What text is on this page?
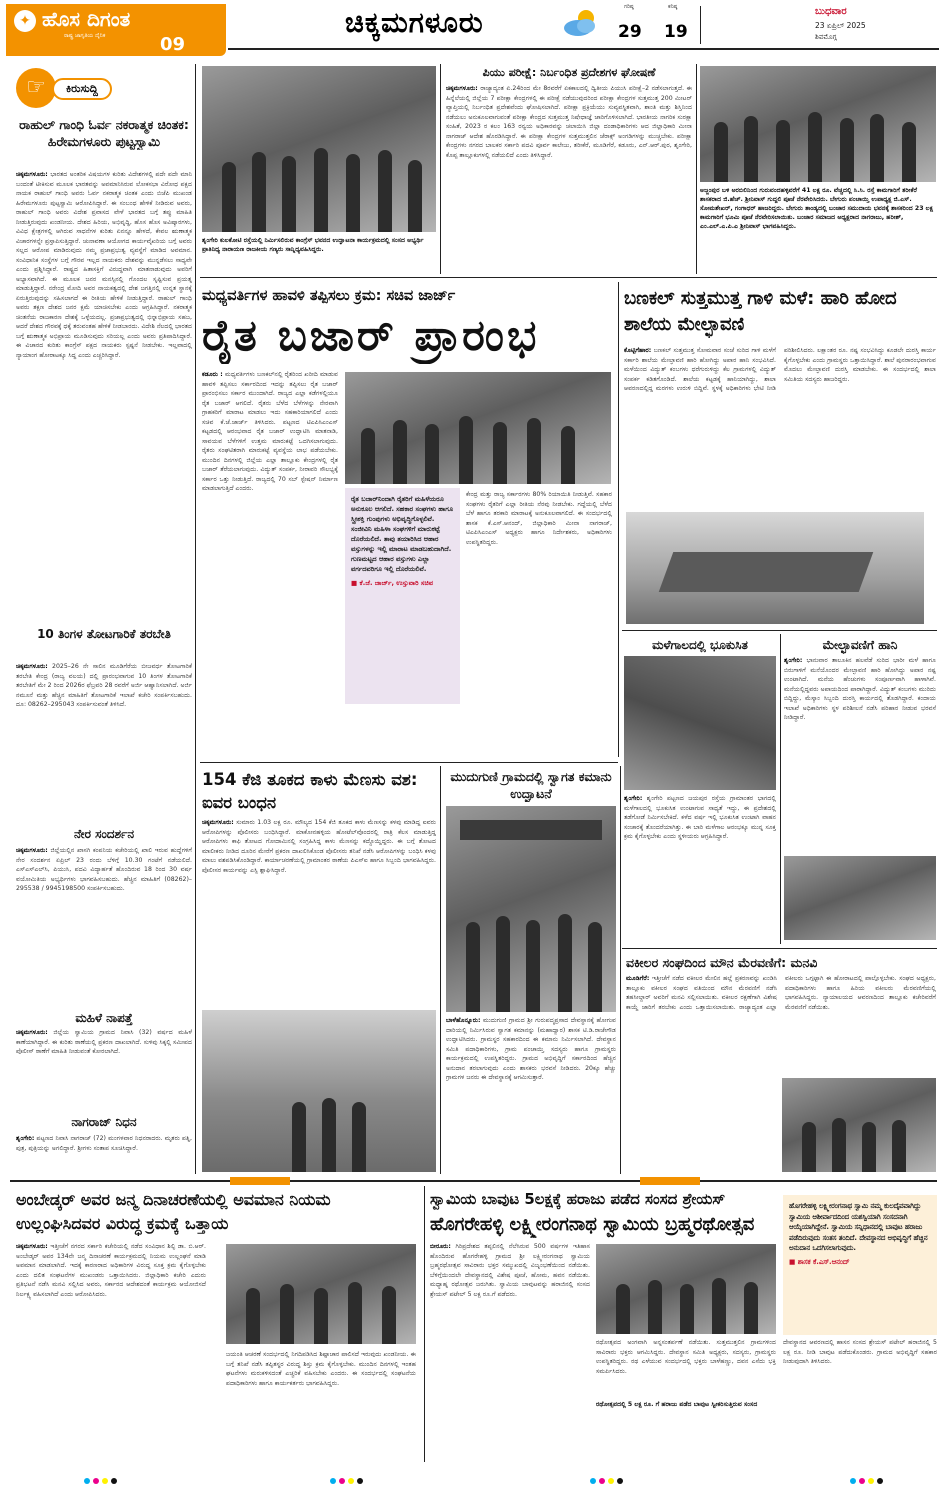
✦ ಹೊಸ ದಿಗಂತ
ರಾಷ್ಟ್ರ ಜಾಗೃತಿಯ ದೈನಿಕ	09
ಚಿಕ್ಕಮಗಳೂರು	ಗರಿಷ್ಠ
29
ಕನಿಷ್ಠ
19
ಬುಧವಾರ
23 ಏಪ್ರಿಲ್ 2025
ಶಿವಮೊಗ್ಗ
☞	ಕಿರುಸುದ್ದಿ
ರಾಹುಲ್ ಗಾಂಧಿ ಓರ್ವ ನಕರಾತ್ಮಕ ಚಿಂತಕ: ಹಿರೇಮಗಳೂರು ಪುಟ್ಟಸ್ವಾಮಿ
ಚಿಕ್ಕಮಗಳೂರು: ಭಾರತದ ಅಂತರಿಕ ವಿಷಯಗಳ ಕುರಿತು ವಿದೇಶಗಳಲ್ಲಿ ಪದೇ ಪದೇ ಮಾನಿ ಬಂದಂತೆ ಟೀಕಿಸುವ ಮೂಲಕ ಭಾರತವನ್ನು ಅವಮಾನಿಸಿರುವ ಲೋಕಸಭಾ ವಿರೋಧ ಪಕ್ಷದ ನಾಯಕ ರಾಹುಲ್ ಗಾಂಧಿ ಅವರು ಓರ್ವ ನಕರಾತ್ಮಕ ಚಿಂತಕ ಎಂದು ಬಿಜೆಪಿ ಮುಖಂಡ ಹಿರೇಮಗಳೂರು ಪುಟ್ಟಸ್ವಾಮಿ ಆರೋಪಿಸಿದ್ದಾರೆ. ಈ ಸಂಬಂಧ ಹೇಳಿಕೆ ನೀಡಿರುವ ಅವರು, ರಾಹುಲ್ ಗಾಂಧಿ ಅವರು ವಿದೇಶ ಪ್ರವಾಸದ ವೇಳೆ ಭಾರತದ ಬಗ್ಗೆ ತಪ್ಪು ಮಾಹಿತಿ ನೀಡುತ್ತಿರುವುದು ಖಂಡನೀಯ. ದೇಶದ ಹಿರಿಯ, ಅಭಿವೃದ್ಧಿ, ಹೊಸ ಹೊಸ ಅವಿಷ್ಕಾರಗಳು, ವಿವಿಧ ಕ್ಷೇತ್ರಗಳಲ್ಲಿ ಆಗಿರುವ ಸಾಧನೆಗಳ ಕುರಿತು ಏನನ್ನೂ ಹೇಳದೆ, ಕೇವಲ ಋಣಾತ್ಮಕ ವಿಚಾರಗಳನ್ನೇ ಪ್ರಸ್ತಾಪಿಸುತ್ತಿದ್ದಾರೆ. ಚುನಾವಣಾ ಆಯೋಗದ ಕಾರ್ಯವೈಖರಿಯ ಬಗ್ಗೆ ಅವರು ಸಲ್ಲದ ಆರೋಪ ಮಾಡಿರುವುದು ನಮ್ಮ ಪ್ರಜಾಪ್ರಭುತ್ವ ವ್ಯವಸ್ಥೆಗೆ ಮಾಡಿದ ಅವಮಾನ. ಸಂವಿಧಾನಿಕ ಸಂಸ್ಥೆಗಳ ಬಗ್ಗೆ ಗೌರವ ಇಲ್ಲದ ನಾಯಕರು ದೇಶವನ್ನು ಮುನ್ನಡೆಸಲು ಸಾಧ್ಯವೇ ಎಂದು ಪ್ರಶ್ನಿಸಿದ್ದಾರೆ. ರಾಷ್ಟ್ರದ ಹಿತಾಸಕ್ತಿಗೆ ವಿರುದ್ಧವಾಗಿ ಮಾತನಾಡುವುದು ಅವರಿಗೆ ಅಭ್ಯಾಸವಾಗಿದೆ. ಈ ಮೂಲಕ ಜನರ ಮನಸ್ಸಿನಲ್ಲಿ ಗೊಂದಲ ಸೃಷ್ಟಿಸುವ ಪ್ರಯತ್ನ ಮಾಡುತ್ತಿದ್ದಾರೆ. ನರೇಂದ್ರ ಮೋದಿ ಅವರ ನಾಯಕತ್ವದಲ್ಲಿ ದೇಶ ಜಗತ್ತಿನಲ್ಲಿ ಉನ್ನತ ಸ್ಥಾನಕ್ಕೆ ಏರುತ್ತಿರುವುದನ್ನು ಸಹಿಸಲಾಗದೆ ಈ ರೀತಿಯ ಹೇಳಿಕೆ ನೀಡುತ್ತಿದ್ದಾರೆ. ರಾಹುಲ್ ಗಾಂಧಿ ಅವರು ತಕ್ಷಣ ದೇಶದ ಜನರ ಕ್ಷಮೆ ಯಾಚಿಸಬೇಕು ಎಂದು ಆಗ್ರಹಿಸಿದ್ದಾರೆ. ನಕರಾತ್ಮಕ ಚಿಂತನೆಯ ರಾಜಕಾರಣ ದೇಶಕ್ಕೆ ಒಳ್ಳೆಯದಲ್ಲ. ಪ್ರಜಾಪ್ರಭುತ್ವದಲ್ಲಿ ಭಿನ್ನಾಭಿಪ್ರಾಯ ಸಹಜ, ಆದರೆ ದೇಶದ ಗೌರವಕ್ಕೆ ಧಕ್ಕೆ ತರುವಂತಹ ಹೇಳಿಕೆ ನೀಡಬಾರದು. ವಿದೇಶಿ ನೆಲದಲ್ಲಿ ಭಾರತದ ಬಗ್ಗೆ ಋಣಾತ್ಮಕ ಅಭಿಪ್ರಾಯ ಮೂಡಿಸುವುದು ಸರಿಯಲ್ಲ ಎಂದು ಅವರು ಪ್ರತಿಪಾದಿಸಿದ್ದಾರೆ. ಈ ವಿಚಾರದ ಕುರಿತು ಕಾಂಗ್ರೆಸ್ ಪಕ್ಷದ ನಾಯಕರು ಸ್ಪಷ್ಟನೆ ನೀಡಬೇಕು. ಇಲ್ಲವಾದಲ್ಲಿ ನ್ಯಾಯಾಂಗ ಹೋರಾಟಕ್ಕೂ ಸಿದ್ಧ ಎಂದು ಎಚ್ಚರಿಸಿದ್ದಾರೆ.
10 ತಿಂಗಳ ತೋಟಗಾರಿಕೆ ತರಬೇತಿ
ಚಿಕ್ಕಮಗಳೂರು: 2025–26 ನೇ ಸಾಲಿನ ಮೂಡಿಗೆರೆಯ ಬೀಜವರ್ಧ ತೋಟಗಾರಿಕೆ ತರಬೇತಿ ಕೇಂದ್ರ (ರಾಜ್ಯ ವಲಯ) ದಲ್ಲಿ ಪ್ರಾರಂಭವಾಗುವ 10 ತಿಂಗಳ ತೋಟಗಾರಿಕೆ ತರಬೇತಿಗೆ ಮೇ 2 ರಿಂದ 2026ರ ಫೆಬ್ರವರಿ 28 ರವರೆಗೆ ಅರ್ಜಿ ಆಹ್ವಾನಿಸಲಾಗಿದೆ. ಅರ್ಜಿ ನಮೂನೆ ಮತ್ತು ಹೆಚ್ಚಿನ ಮಾಹಿತಿಗೆ ತೋಟಗಾರಿಕೆ ಇಲಾಖೆ ಕಚೇರಿ ಸಂಪರ್ಕಿಸಬಹುದು. ದೂ: 08262–295043 ಸಂಪರ್ಕಿಸುವಂತೆ ತಿಳಿಸಿದೆ.
ನೇರ ಸಂದರ್ಶನ
ಚಿಕ್ಕಮಗಳೂರು: ಜಿಲ್ಲೆಯಲ್ಲಿನ ಖಾಸಗಿ ಕಂಪನಿಯ ಕಚೇರಿಯಲ್ಲಿ ಖಾಲಿ ಇರುವ ಹುದ್ದೆಗಳಿಗೆ ನೇರ ಸಂದರ್ಶನ ಏಪ್ರಿಲ್ 23 ರಂದು ಬೆಳಿಗ್ಗೆ 10.30 ಗಂಟೆಗೆ ನಡೆಯಲಿದೆ. ಎಸ್ಎಸ್ಎಲ್‌ಸಿ, ಪಿಯುಸಿ, ಪದವಿ ವಿದ್ಯಾರ್ಹತೆ ಹೊಂದಿರುವ 18 ರಿಂದ 30 ವರ್ಷ ವಯೋಮಿತಿಯ ಅಭ್ಯರ್ಥಿಗಳು ಭಾಗವಹಿಸಬಹುದು. ಹೆಚ್ಚಿನ ಮಾಹಿತಿಗೆ (08262)–295538 / 9945198500 ಸಂಪರ್ಕಿಸಬಹುದು.
ಮಹಿಳೆ ನಾಪತ್ತೆ
ಚಿಕ್ಕಮಗಳೂರು: ಜಿಲ್ಲೆಯ ಸ್ವಾಮಿಯ ಗ್ರಾಮದ ನಿವಾಸಿ (32) ವರ್ಷದ ಮಹಿಳೆ ಕಾಣೆಯಾಗಿದ್ದಾರೆ. ಈ ಕುರಿತು ಠಾಣೆಯಲ್ಲಿ ಪ್ರಕರಣ ದಾಖಲಾಗಿದೆ. ಸುಳಿವು ಸಿಕ್ಕಲ್ಲಿ ಸಮೀಪದ ಪೊಲೀಸ್ ಠಾಣೆಗೆ ಮಾಹಿತಿ ನೀಡುವಂತೆ ಕೋರಲಾಗಿದೆ.
ನಾಗರಾಜ್ ನಿಧನ
ಶೃಂಗೇರಿ: ಪಟ್ಟಣದ ನಿವಾಸಿ ನಾಗರಾಜ್ (72) ಮಂಗಳವಾರ ನಿಧನರಾದರು. ಮೃತರು ಪತ್ನಿ, ಪುತ್ರ, ಪುತ್ರಿಯನ್ನು ಅಗಲಿದ್ದಾರೆ. ಶ್ರೀಗಳು ಸಂತಾಪ ಸೂಚಿಸಿದ್ದಾರೆ.
ಶೃಂಗೇರಿ ಕುಲಕೋಟಿ ರಸ್ತೆಯಲ್ಲಿ ನಿರ್ಮಿಸಲಿರುವ ಕಾಂಗ್ರೆಸ್ ಭವನದ ಉದ್ಘಾಟನಾ ಕಾರ್ಯಕ್ರಮದಲ್ಲಿ ಸಂಸದ ಅಭ್ಯರ್ಥಿ ಪ್ರಾತಿನಿಧ್ಯ ನಾರಾಯಣ ರಾಜಕೀಯ ಗಣ್ಯರು ಸಾನ್ನಿಧ್ಯವಹಿಸಿದ್ದರು.
ಪಿಯು ಪರೀಕ್ಷೆ: ನಿರ್ಬಂಧಿತ ಪ್ರದೇಶಗಳ ಘೋಷಣೆ
ಚಿಕ್ಕಮಗಳೂರು: ರಾಜ್ಯಾದ್ಯಂತ ಏ.24ರಿಂದ ಮೇ 8ರವರೆಗೆ ಏಕಕಾಲದಲ್ಲಿ ದ್ವಿತೀಯ ಪಿಯುಸಿ ಪರೀಕ್ಷೆ–2 ನಡೆಸಲಾಗುತ್ತದೆ. ಈ ಹಿನ್ನೆಲೆಯಲ್ಲಿ ಜಿಲ್ಲೆಯ 7 ಪರೀಕ್ಷಾ ಕೇಂದ್ರಗಳಲ್ಲಿ ಈ ಪರೀಕ್ಷೆ ನಡೆಯುವುದರಿಂದ ಪರೀಕ್ಷಾ ಕೇಂದ್ರಗಳ ಸುತ್ತಮುತ್ತ 200 ಮೀಟರ್ ವ್ಯಾಪ್ತಿಯಲ್ಲಿ ನಿರ್ಬಂಧಿತ ಪ್ರದೇಶವೆಂದು ಘೋಷಿಸಲಾಗಿದೆ. ಪರೀಕ್ಷಾ ಪ್ರಕ್ರಿಯೆಯು ಸುವ್ಯವಸ್ಥಿತವಾಗಿ, ಶಾಂತಿ ಮತ್ತು ಶಿಸ್ತಿನಿಂದ ನಡೆಯಲು ಅನುಕೂಲವಾಗುವಂತೆ ಪರೀಕ್ಷಾ ಕೇಂದ್ರದ ಸುತ್ತಮುತ್ತ ನಿಷೇಧಾಜ್ಞೆ ಜಾರಿಗೊಳಿಸಲಾಗಿದೆ. ಭಾರತೀಯ ನಾಗರಿಕ ಸುರಕ್ಷಾ ಸಂಹಿತೆ, 2023 ರ ಕಲಂ 163 ರನ್ವಯ ಅಧಿಕಾರವನ್ನು ಚಲಾಯಿಸಿ ಜಿಲ್ಲಾ ದಂಡಾಧಿಕಾರಿಗಳು ಆದ ಜಿಲ್ಲಾಧಿಕಾರಿ ಮೀನಾ ನಾಗರಾಜ್ ಆದೇಶ ಹೊರಡಿಸಿದ್ದಾರೆ. ಈ ಪರೀಕ್ಷಾ ಕೇಂದ್ರಗಳ ಸುತ್ತಮುತ್ತಲಿನ ಜೆರಾಕ್ಸ್ ಅಂಗಡಿಗಳನ್ನು ಮುಚ್ಚಬೇಕು. ಪರೀಕ್ಷಾ ಕೇಂದ್ರಗಳು ನಗರದ ಬಾಲಕರ ಸರ್ಕಾರಿ ಪದವಿ ಪೂರ್ವ ಕಾಲೇಜು, ತರೀಕೆರೆ, ಮೂಡಿಗೆರೆ, ಕಡೂರು, ಎನ್.ಆರ್.ಪುರ, ಶೃಂಗೇರಿ, ಕೊಪ್ಪ ತಾಲ್ಲೂಕುಗಳಲ್ಲಿ ನಡೆಯಲಿದೆ ಎಂದು ತಿಳಿಸಿದ್ದಾರೆ.
ಅಜ್ಜಂಪುರ ಬಳಿ ಅರಬಿಲಿನಿಂದ ಗುರುವಂದಹಳ್ಳಿವರೆಗೆ 41 ಲಕ್ಷ ರೂ. ವೆಚ್ಚದಲ್ಲಿ ಸಿ.ಸಿ. ರಸ್ತೆ ಕಾಮಗಾರಿಗೆ ತರೀಕೆರೆ ಶಾಸಕರಾದ ಜಿ.ಹೆಚ್. ಶ್ರೀನಿವಾಸ್ ಗುದ್ದಲಿ ಪೂಜೆ ನೆರವೇರಿಸಿದರು. ಬೇಗುರು ಪಂಚಾಯ್ತಿ ಉಪಾಧ್ಯಕ್ಷ ಜಿ.ಎಸ್. ಸೋಮಶೇಖರ್, ಗಂಗಾಧರ್ ಹಾಜರಿದ್ದರು. ಬೇಗುರು ತಾಂಡ್ಯದಲ್ಲಿ ಬಂಜಾರ ಸಮುದಾಯ ಭವನಕ್ಕೆ ಶಾಸಕರಿಂದ 23 ಲಕ್ಷ ಕಾಮಗಾರಿಗೆ ಭೂಮಿ ಪೂಜೆ ನೆರವೇರಿಸಲಾಯಿತು. ಬಂಜಾರ ಸಮಾಜದ ಅಧ್ಯಕ್ಷರಾದ ನಾಗರಾಜು, ಹರೀಶ್, ಎಂ.ಎಲ್.ಎ.ಪಿ.ಎ ಶ್ರೀನಿವಾಸ್ ಭಾಗವಹಿಸಿದ್ದರು.
ಮಧ್ಯವರ್ತಿಗಳ ಹಾವಳಿ ತಪ್ಪಿಸಲು ಕ್ರಮ: ಸಚಿವ ಜಾರ್ಜ್
ರೈತ ಬಜಾರ್ ಪ್ರಾರಂಭ
ಕಡೂರು : ಮಧ್ಯವರ್ತಿಗಳು ಬಣಕಲ್‌ನಲ್ಲಿ ರೈತರಿಂದ ಖರೀದಿ ಮಾಡುವ ಹಾವಳಿ ತಪ್ಪಿಸಲು ಸರ್ಕಾರದಿಂದ ಇದನ್ನು ತಪ್ಪಿಸಲು ರೈತ ಬಜಾರ್ ಪ್ರಾರಂಭಿಸಲು ಸರ್ಕಾರ ಮುಂದಾಗಿದೆ. ರಾಜ್ಯದ ಎಲ್ಲಾ ಕಡೆಗಳಲ್ಲಿಯೂ ರೈತ ಬಜಾರ್ ಆಗಲಿದೆ. ರೈತರು ಬೆಳೆದ ಬೆಳೆಗಳನ್ನು ನೇರವಾಗಿ ಗ್ರಾಹಕರಿಗೆ ಮಾರಾಟ ಮಾಡಲು ಇದು ಸಹಕಾರಿಯಾಗಲಿದೆ ಎಂದು ಸಚಿವ ಕೆ.ಜೆ.ಜಾರ್ಜ್ ತಿಳಿಸಿದರು. ಪಟ್ಟಣದ ಟಿಎಪಿಸಿಎಂಎಸ್ ಕಟ್ಟಡದಲ್ಲಿ ಆರಂಭವಾದ ರೈತ ಬಜಾರ್ ಉದ್ಘಾಟಿಸಿ ಮಾತನಾಡಿ, ಸಾವಯವ ಬೆಳೆಗಳಿಗೆ ಉತ್ತಮ ಮಾರುಕಟ್ಟೆ ಒದಗಿಸಲಾಗುವುದು. ರೈತರು ಸಂಘಟಿತರಾಗಿ ಮಾರುಕಟ್ಟೆ ವ್ಯವಸ್ಥೆಯ ಲಾಭ ಪಡೆಯಬೇಕು. ಮುಂದಿನ ದಿನಗಳಲ್ಲಿ ಜಿಲ್ಲೆಯ ಎಲ್ಲಾ ತಾಲ್ಲೂಕು ಕೇಂದ್ರಗಳಲ್ಲಿ ರೈತ ಬಜಾರ್ ತೆರೆಯಲಾಗುವುದು. ವಿದ್ಯುತ್ ಸಂಪರ್ಕ, ನೀರಾವರಿ ಸೌಲಭ್ಯಕ್ಕೆ ಸರ್ಕಾರ ಒತ್ತು ನೀಡುತ್ತಿದೆ. ರಾಜ್ಯದಲ್ಲಿ 70 ಸಬ್ ಸ್ಟೇಷನ್ ನಿರ್ಮಾಣ ಮಾಡಲಾಗುತ್ತಿದೆ ಎಂದರು.
ರೈತ ಬಜಾರ್‌ನಿಂದಾಗಿ ರೈತರಿಗೆ ಮಹಿಳೆಯರೂ ಅನುಕೂಲ ಆಗಲಿದೆ. ಸಹಕಾರ ಸಂಘಗಳು ಹಾಗೂ ಸ್ತ್ರೀಶಕ್ತಿ ಗುಂಪುಗಳು ಅಭಿವೃದ್ಧಿಗೊಳ್ಳಲಿವೆ. ಸಂಜೀವಿನಿ ಮಹಿಳಾ ಸಂಘಗಳಿಗೆ ಮಾರುಕಟ್ಟೆ ದೊರೆಯಲಿದೆ. ತಾವು ತಯಾರಿಸಿದ ಆಹಾರ ವಸ್ತುಗಳನ್ನು ಇಲ್ಲಿ ಮಾರಾಟ ಮಾಡಬಹುದಾಗಿದೆ. ಗುಣಮಟ್ಟದ ಆಹಾರ ವಸ್ತುಗಳು ಎಲ್ಲಾ ವರ್ಗದವರಿಗೂ ಇಲ್ಲಿ ದೊರೆಯಲಿವೆ.
■ ಕೆ.ಜೆ. ಜಾರ್ಜ್, ಉಸ್ತುವಾರಿ ಸಚಿವ
ಕೇಂದ್ರ ಮತ್ತು ರಾಜ್ಯ ಸರ್ಕಾರಗಳು 80% ರಿಯಾಯಿತಿ ನೀಡುತ್ತಿವೆ. ಸಹಕಾರ ಸಂಘಗಳು ರೈತರಿಗೆ ಎಲ್ಲಾ ರೀತಿಯ ನೆರವು ನೀಡಬೇಕು. ಗದ್ದೆಯಲ್ಲಿ ಬೆಳೆದ ಬೆಳೆ ಹಾಗೂ ತರಕಾರಿ ಮಾರಾಟಕ್ಕೆ ಅನುಕೂಲವಾಗಲಿದೆ. ಈ ಸಂದರ್ಭದಲ್ಲಿ ಶಾಸಕ ಕೆ.ಎಸ್.ಆನಂದ್, ಜಿಲ್ಲಾಧಿಕಾರಿ ಮೀನಾ ನಾಗರಾಜ್, ಟಿಎಪಿಸಿಎಂಎಸ್ ಅಧ್ಯಕ್ಷರು ಹಾಗೂ ನಿರ್ದೇಶಕರು, ಅಧಿಕಾರಿಗಳು ಉಪಸ್ಥಿತರಿದ್ದರು.
ಬಣಕಲ್ ಸುತ್ತಮುತ್ತ ಗಾಳಿ ಮಳೆ: ಹಾರಿ ಹೋದ ಶಾಲೆಯ ಮೇಲ್ಛಾವಣಿ
ಕೊಟ್ಟಿಗೆಹಾರ: ಬಣಕಲ್ ಸುತ್ತಮುತ್ತ ಸೋಮವಾರ ಸಂಜೆ ಸುರಿದ ಗಾಳಿ ಮಳೆಗೆ ಸರ್ಕಾರಿ ಶಾಲೆಯ ಮೇಲ್ಛಾವಣಿ ಹಾರಿ ಹೋಗಿದ್ದು ಅಪಾರ ಹಾನಿ ಸಂಭವಿಸಿದೆ. ಮಳೆಯಿಂದ ವಿದ್ಯುತ್ ಕಂಬಗಳು ಧರೆಗುರುಳಿದ್ದು ಕೆಲ ಗ್ರಾಮಗಳಲ್ಲಿ ವಿದ್ಯುತ್ ಸಂಪರ್ಕ ಕಡಿತಗೊಂಡಿದೆ. ಶಾಲೆಯ ಕಟ್ಟಡಕ್ಕೆ ಹಾನಿಯಾಗಿದ್ದು, ಶಾಲಾ ಆವರಣದಲ್ಲಿದ್ದ ಮರಗಳು ಉರುಳಿ ಬಿದ್ದಿವೆ. ಸ್ಥಳಕ್ಕೆ ಅಧಿಕಾರಿಗಳು ಭೇಟಿ ನೀಡಿ ಪರಿಶೀಲಿಸಿದರು. ಲಕ್ಷಾಂತರ ರೂ. ನಷ್ಟ ಸಂಭವಿಸಿದ್ದು ಕೂಡಲೇ ದುರಸ್ತಿ ಕಾರ್ಯ ಕೈಗೊಳ್ಳಬೇಕು ಎಂದು ಗ್ರಾಮಸ್ಥರು ಒತ್ತಾಯಿಸಿದ್ದಾರೆ. ಶಾಲೆ ಪುನರಾರಂಭವಾಗುವ ಮೊದಲು ಮೇಲ್ಛಾವಣಿ ದುರಸ್ತಿ ಮಾಡಬೇಕು. ಈ ಸಂದರ್ಭದಲ್ಲಿ ಶಾಲಾ ಸಮಿತಿಯ ಸದಸ್ಯರು ಹಾಜರಿದ್ದರು.
ಮಳೆಗಾಲದಲ್ಲಿ ಭೂಕುಸಿತ
ಶೃಂಗೇರಿ: ಶೃಂಗೇರಿ ಪಟ್ಟಣದ ಜಯಪುರ ರಸ್ತೆಯ ಗ್ರಾಮಾಂತರ ಭಾಗದಲ್ಲಿ ಮಳೆಗಾಲದಲ್ಲಿ ಭೂಕುಸಿತ ಉಂಟಾಗುವ ಸಾಧ್ಯತೆ ಇದ್ದು, ಈ ಪ್ರದೇಶದಲ್ಲಿ ತಡೆಗೋಡೆ ನಿರ್ಮಿಸಬೇಕಿದೆ. ಕಳೆದ ವರ್ಷ ಇಲ್ಲಿ ಭೂಕುಸಿತ ಉಂಟಾಗಿ ವಾಹನ ಸಂಚಾರಕ್ಕೆ ತೊಂದರೆಯಾಗಿತ್ತು. ಈ ಬಾರಿ ಮಳೆಗಾಲ ಆರಂಭಕ್ಕೂ ಮುನ್ನ ಸೂಕ್ತ ಕ್ರಮ ಕೈಗೊಳ್ಳಬೇಕು ಎಂದು ಸ್ಥಳೀಯರು ಆಗ್ರಹಿಸಿದ್ದಾರೆ.
ಮೇಲ್ಛಾವಣಿಗೆ ಹಾನಿ
ಶೃಂಗೇರಿ: ಭಾನುವಾರ ತಾಲೂಕಿನ ಹಲವೆಡೆ ಸುರಿದ ಭಾರೀ ಮಳೆ ಹಾಗೂ ಬಿರುಗಾಳಿಗೆ ಮನೆಯೊಂದರ ಮೇಲ್ಛಾವಣಿ ಹಾರಿ ಹೋಗಿದ್ದು ಅಪಾರ ನಷ್ಟ ಉಂಟಾಗಿದೆ. ಮನೆಯ ಹೆಂಚುಗಳು ಸಂಪೂರ್ಣವಾಗಿ ಹಾಳಾಗಿವೆ. ಮನೆಯಲ್ಲಿದ್ದವರು ಅಪಾಯದಿಂದ ಪಾರಾಗಿದ್ದಾರೆ. ವಿದ್ಯುತ್ ಕಂಬಗಳು ಮುರಿದು ಬಿದ್ದಿದ್ದು, ಮೆಸ್ಕಾಂ ಸಿಬ್ಬಂದಿ ದುರಸ್ತಿ ಕಾರ್ಯದಲ್ಲಿ ತೊಡಗಿದ್ದಾರೆ. ಕಂದಾಯ ಇಲಾಖೆ ಅಧಿಕಾರಿಗಳು ಸ್ಥಳ ಪರಿಶೀಲನೆ ನಡೆಸಿ ಪರಿಹಾರ ನೀಡುವ ಭರವಸೆ ನೀಡಿದ್ದಾರೆ.
154 ಕೆಜಿ ತೂಕದ ಕಾಳು ಮೆಣಸು ವಶ: ಐವರ ಬಂಧನ
ಚಿಕ್ಕಮಗಳೂರು: ಸುಮಾರು 1.03 ಲಕ್ಷ ರೂ. ಮೌಲ್ಯದ 154 ಕೆಜಿ ತೂಕದ ಕಾಳು ಮೆಣಸನ್ನು ಕಳವು ಮಾಡಿದ್ದ ಐವರು ಆರೋಪಿಗಳನ್ನು ಪೊಲೀಸರು ಬಂಧಿಸಿದ್ದಾರೆ. ಮಾಕೋನಹಳ್ಳಿಯ ಹೋಟೆಲ್‌ವೊಂದರಲ್ಲಿ ರಾತ್ರಿ ಕೆಲಸ ಮಾಡುತ್ತಿದ್ದ ಆರೋಪಿಗಳು ಕಾಫಿ ತೋಟದ ಗೋದಾಮಿನಲ್ಲಿ ಸಂಗ್ರಹಿಸಿದ್ದ ಕಾಳು ಮೆಣಸನ್ನು ಕದ್ದೊಯ್ದಿದ್ದರು. ಈ ಬಗ್ಗೆ ತೋಟದ ಮಾಲೀಕರು ನೀಡಿದ ದೂರಿನ ಮೇರೆಗೆ ಪ್ರಕರಣ ದಾಖಲಿಸಿಕೊಂಡ ಪೊಲೀಸರು ತನಿಖೆ ನಡೆಸಿ ಆರೋಪಿಗಳನ್ನು ಬಂಧಿಸಿ ಕಳವು ಮಾಲು ವಶಪಡಿಸಿಕೊಂಡಿದ್ದಾರೆ. ಕಾರ್ಯಾಚರಣೆಯಲ್ಲಿ ಗ್ರಾಮಾಂತರ ಠಾಣೆಯ ಪಿಎಸ್ಐ ಹಾಗೂ ಸಿಬ್ಬಂದಿ ಭಾಗವಹಿಸಿದ್ದರು. ಪೊಲೀಸರ ಕಾರ್ಯವನ್ನು ಎಸ್ಪಿ ಶ್ಲಾಘಿಸಿದ್ದಾರೆ.
ಮುದುಗುಣಿ ಗ್ರಾಮದಲ್ಲಿ ಸ್ವಾಗತ ಕಮಾನು ಉದ್ಘಾಟನೆ
ಬಾಳೆಹೊನ್ನೂರು: ಮುದುಗುಣಿ ಗ್ರಾಮದ ಶ್ರೀ ಗುರುಪದ್ಮಪ್ರಸಾದ ದೇವಸ್ಥಾನಕ್ಕೆ ಹೋಗುವ ದಾರಿಯಲ್ಲಿ ನಿರ್ಮಿಸಿರುವ ಸ್ವಾಗತ ಕಮಾನನ್ನು (ಮಹಾದ್ವಾರ) ಶಾಸಕ ಟಿ.ಡಿ.ರಾಜೇಗೌಡ ಉದ್ಘಾಟಿಸಿದರು. ಗ್ರಾಮಸ್ಥರ ಸಹಕಾರದಿಂದ ಈ ಕಮಾನು ನಿರ್ಮಿಸಲಾಗಿದೆ. ದೇವಸ್ಥಾನ ಸಮಿತಿ ಪದಾಧಿಕಾರಿಗಳು, ಗ್ರಾಮ ಪಂಚಾಯ್ತಿ ಸದಸ್ಯರು ಹಾಗೂ ಗ್ರಾಮಸ್ಥರು ಕಾರ್ಯಕ್ರಮದಲ್ಲಿ ಉಪಸ್ಥಿತರಿದ್ದರು. ಗ್ರಾಮದ ಅಭಿವೃದ್ಧಿಗೆ ಸರ್ಕಾರದಿಂದ ಹೆಚ್ಚಿನ ಅನುದಾನ ತರಲಾಗುವುದು ಎಂದು ಶಾಸಕರು ಭರವಸೆ ನೀಡಿದರು. 20ಕ್ಕೂ ಹೆಚ್ಚು ಗ್ರಾಮಗಳ ಜನರು ಈ ದೇವಸ್ಥಾನಕ್ಕೆ ಆಗಮಿಸುತ್ತಾರೆ.
ವಕೀಲರ ಸಂಘದಿಂದ ಮೌನ ಮೆರವಣಿಗೆ: ಮನವಿ
ಮೂಡಿಗೆರೆ: ಇತ್ತೀಚೆಗೆ ನಡೆದ ವಕೀಲರ ಮೇಲಿನ ಹಲ್ಲೆ ಪ್ರಕರಣವನ್ನು ಖಂಡಿಸಿ ತಾಲ್ಲೂಕು ವಕೀಲರ ಸಂಘದ ವತಿಯಿಂದ ಮೌನ ಮೆರವಣಿಗೆ ನಡೆಸಿ ತಹಸೀಲ್ದಾರ್ ಅವರಿಗೆ ಮನವಿ ಸಲ್ಲಿಸಲಾಯಿತು. ವಕೀಲರ ರಕ್ಷಣೆಗಾಗಿ ವಿಶೇಷ ಕಾಯ್ದೆ ಜಾರಿಗೆ ತರಬೇಕು ಎಂದು ಒತ್ತಾಯಿಸಲಾಯಿತು. ರಾಜ್ಯಾದ್ಯಂತ ಎಲ್ಲಾ ವಕೀಲರು ಒಗ್ಗಟ್ಟಾಗಿ ಈ ಹೋರಾಟದಲ್ಲಿ ಪಾಲ್ಗೊಳ್ಳಬೇಕು. ಸಂಘದ ಅಧ್ಯಕ್ಷರು, ಪದಾಧಿಕಾರಿಗಳು ಹಾಗೂ ಹಿರಿಯ ವಕೀಲರು ಮೆರವಣಿಗೆಯಲ್ಲಿ ಭಾಗವಹಿಸಿದ್ದರು. ನ್ಯಾಯಾಲಯದ ಆವರಣದಿಂದ ತಾಲ್ಲೂಕು ಕಚೇರಿವರೆಗೆ ಮೆರವಣಿಗೆ ನಡೆಯಿತು.
ಅಂಬೇಡ್ಕರ್ ಅವರ ಜನ್ಮ ದಿನಾಚರಣೆಯಲ್ಲಿ ಅವಮಾನ ನಿಯಮ ಉಲ್ಲಂಘಿಸಿದವರ ವಿರುದ್ಧ ಕ್ರಮಕ್ಕೆ ಒತ್ತಾಯ
ಚಿಕ್ಕಮಗಳೂರು: ಇತ್ತೀಚೆಗೆ ನಗರದ ಸರ್ಕಾರಿ ಕಚೇರಿಯಲ್ಲಿ ನಡೆದ ಸಂವಿಧಾನ ಶಿಲ್ಪಿ ಡಾ. ಬಿ.ಆರ್. ಅಂಬೇಡ್ಕರ್ ಅವರ 134ನೇ ಜನ್ಮ ದಿನಾಚರಣೆ ಕಾರ್ಯಕ್ರಮದಲ್ಲಿ ನಿಯಮ ಉಲ್ಲಂಘನೆ ಮಾಡಿ ಅವಮಾನ ಮಾಡಲಾಗಿದೆ. ಇದಕ್ಕೆ ಕಾರಣರಾದ ಅಧಿಕಾರಿಗಳ ವಿರುದ್ಧ ಸೂಕ್ತ ಕ್ರಮ ಕೈಗೊಳ್ಳಬೇಕು ಎಂದು ದಲಿತ ಸಂಘಟನೆಗಳ ಮುಖಂಡರು ಒತ್ತಾಯಿಸಿದರು. ಜಿಲ್ಲಾಧಿಕಾರಿ ಕಚೇರಿ ಎದುರು ಪ್ರತಿಭಟನೆ ನಡೆಸಿ ಮನವಿ ಸಲ್ಲಿಸಿದ ಅವರು, ಸರ್ಕಾರದ ಆದೇಶದಂತೆ ಕಾರ್ಯಕ್ರಮ ಆಯೋಜಿಸದೆ ನಿರ್ಲಕ್ಷ್ಯ ವಹಿಸಲಾಗಿದೆ ಎಂದು ಆರೋಪಿಸಿದರು.
ಜಯಂತಿ ಆಚರಣೆ ಸಂದರ್ಭದಲ್ಲಿ ನಿಗದಿಪಡಿಸಿದ ಶಿಷ್ಟಾಚಾರ ಪಾಲಿಸದೆ ಇರುವುದು ಖಂಡನೀಯ. ಈ ಬಗ್ಗೆ ತನಿಖೆ ನಡೆಸಿ ತಪ್ಪಿತಸ್ಥರ ವಿರುದ್ಧ ಶಿಸ್ತು ಕ್ರಮ ಕೈಗೊಳ್ಳಬೇಕು. ಮುಂದಿನ ದಿನಗಳಲ್ಲಿ ಇಂತಹ ಘಟನೆಗಳು ಮರುಕಳಿಸದಂತೆ ಎಚ್ಚರಿಕೆ ವಹಿಸಬೇಕು ಎಂದರು. ಈ ಸಂದರ್ಭದಲ್ಲಿ ಸಂಘಟನೆಯ ಪದಾಧಿಕಾರಿಗಳು ಹಾಗೂ ಕಾರ್ಯಕರ್ತರು ಭಾಗವಹಿಸಿದ್ದರು.
ಸ್ವಾಮಿಯ ಬಾವುಟ 5ಲಕ್ಷಕ್ಕೆ ಹರಾಜು ಪಡೆದ ಸಂಸದ ಶ್ರೇಯಸ್
ಹೊಗರೇಹಳ್ಳಿ ಲಕ್ಷ್ಮೀರಂಗನಾಥ ಸ್ವಾಮಿಯ ಬ್ರಹ್ಮರಥೋತ್ಸವ
ಬೀರೂರು: ಗಿರಿಪ್ರದೇಶದ ತಪ್ಪಲಿನಲ್ಲಿ ನೆಲೆಸಿರುವ 500 ವರ್ಷಗಳ ಇತಿಹಾಸ ಹೊಂದಿರುವ ಹೊಗರೇಹಳ್ಳಿ ಗ್ರಾಮದ ಶ್ರೀ ಲಕ್ಷ್ಮೀರಂಗನಾಥ ಸ್ವಾಮಿಯ ಬ್ರಹ್ಮರಥೋತ್ಸವ ಸಾವಿರಾರು ಭಕ್ತರ ಸಮ್ಮುಖದಲ್ಲಿ ವಿಜೃಂಭಣೆಯಿಂದ ನಡೆಯಿತು. ಬೆಳಿಗ್ಗೆಯಿಂದಲೇ ದೇವಸ್ಥಾನದಲ್ಲಿ ವಿಶೇಷ ಪೂಜೆ, ಹೋಮ, ಹವನ ನಡೆಯಿತು. ಮಧ್ಯಾಹ್ನ ರಥೋತ್ಸವ ಜರುಗಿತು. ಸ್ವಾಮಿಯ ಬಾವುಟವನ್ನು ಹರಾಜಿನಲ್ಲಿ ಸಂಸದ ಶ್ರೇಯಸ್ ಪಟೇಲ್ 5 ಲಕ್ಷ ರೂ.ಗೆ ಪಡೆದರು.
ರಥೋತ್ಸವದ ಅಂಗವಾಗಿ ಅನ್ನಸಂತರ್ಪಣೆ ನಡೆಯಿತು. ಸುತ್ತಮುತ್ತಲಿನ ಗ್ರಾಮಗಳಿಂದ ಸಾವಿರಾರು ಭಕ್ತರು ಆಗಮಿಸಿದ್ದರು. ದೇವಸ್ಥಾನ ಸಮಿತಿ ಅಧ್ಯಕ್ಷರು, ಸದಸ್ಯರು, ಗ್ರಾಮಸ್ಥರು ಉಪಸ್ಥಿತರಿದ್ದರು. ರಥ ಎಳೆಯುವ ಸಂದರ್ಭದಲ್ಲಿ ಭಕ್ತರು ಬಾಳೆಹಣ್ಣು, ದವನ ಎಸೆದು ಭಕ್ತಿ ಸಮರ್ಪಿಸಿದರು.
ರಥೋತ್ಸವದಲ್ಲಿ 5 ಲಕ್ಷ ರೂ. ಗೆ ಹರಾಜು ಪಡೆದ ಬಾವುಟ ಸ್ವೀಕರಿಸುತ್ತಿರುವ ಸಂಸದ
ಹೊಗರೇಹಳ್ಳಿ ಲಕ್ಷ್ಮೀರಂಗನಾಥ ಸ್ವಾಮಿ ನಮ್ಮ ಕುಲದೈವವಾಗಿದ್ದು ಸ್ವಾಮಿಯ ಆಶೀರ್ವಾದದಿಂದ ಯಶಸ್ವಿಯಾಗಿ ಸಂಸದನಾಗಿ ಆಯ್ಕೆಯಾಗಿದ್ದೇನೆ. ಸ್ವಾಮಿಯ ಸನ್ನಿಧಾನದಲ್ಲಿ ಬಾವುಟ ಹರಾಜು ಪಡೆದಿರುವುದು ಸಂತಸ ತಂದಿದೆ. ದೇವಸ್ಥಾನದ ಅಭಿವೃದ್ಧಿಗೆ ಹೆಚ್ಚಿನ ಅನುದಾನ ಒದಗಿಸಲಾಗುವುದು.
■ ಶಾಸಕ ಕೆ.ಎಸ್.ಆನಂದ್
ದೇವಸ್ಥಾನದ ಆವರಣದಲ್ಲಿ ಹಾಸನ ಸಂಸದ ಶ್ರೇಯಸ್ ಪಟೇಲ್ ಹರಾಜಿನಲ್ಲಿ 5 ಲಕ್ಷ ರೂ. ನೀಡಿ ಬಾವುಟ ಪಡೆದುಕೊಂಡರು. ಗ್ರಾಮದ ಅಭಿವೃದ್ಧಿಗೆ ಸಹಕಾರ ನೀಡುವುದಾಗಿ ತಿಳಿಸಿದರು.
